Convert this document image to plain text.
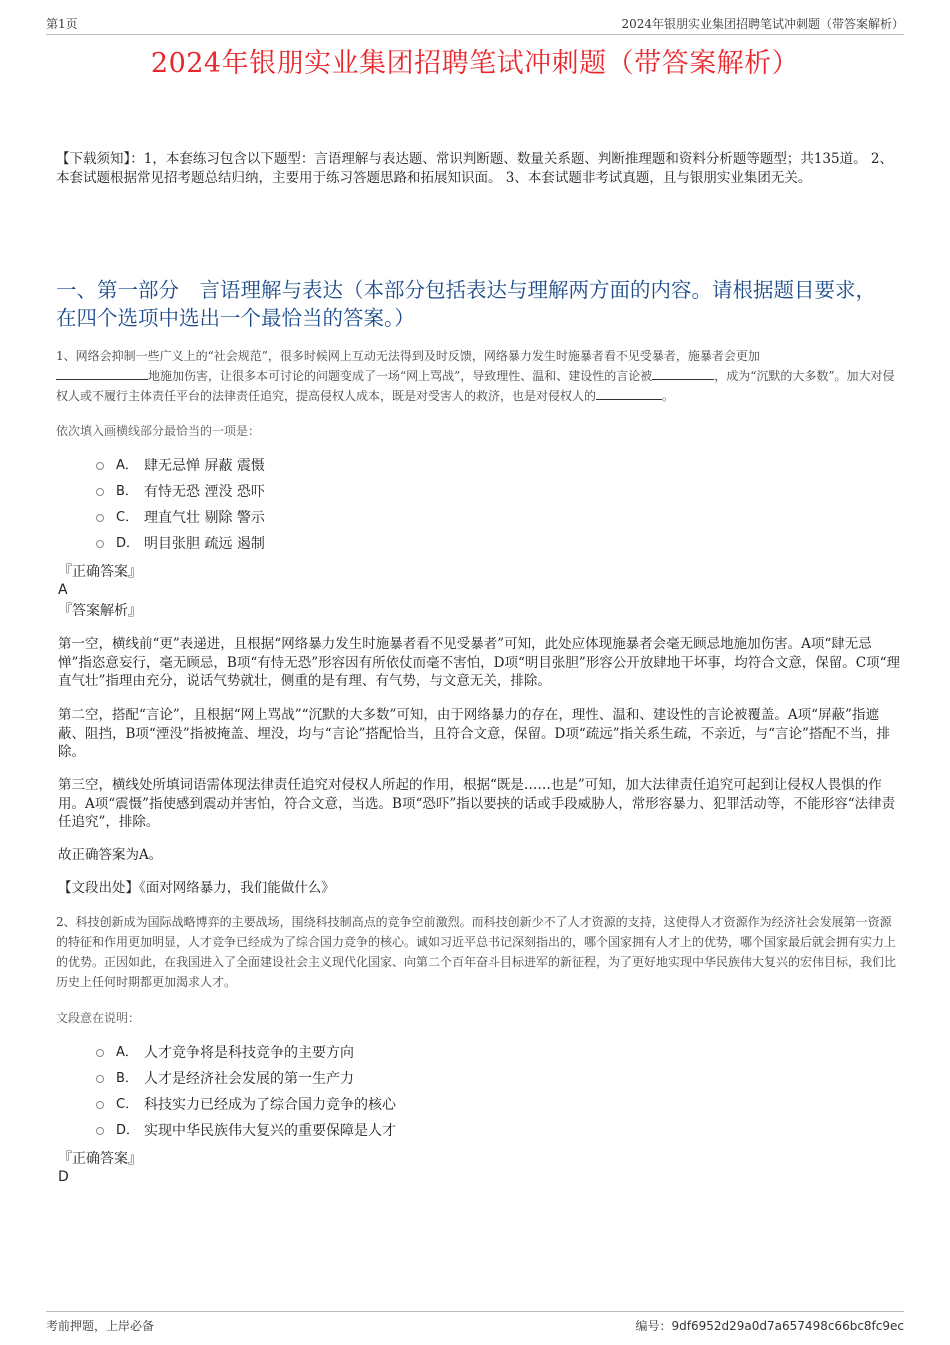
第1页	2024年银朋实业集团招聘笔试冲刺题（带答案解析）
2024年银朋实业集团招聘笔试冲刺题（带答案解析）
【下载须知】：1，本套练习包含以下题型：言语理解与表达题、常识判断题、数量关系题、判断推理题和资料分析题等题型；共135道。 2、本套试题根据常见招考题总结归纳，主要用于练习答题思路和拓展知识面。 3、本套试题非考试真题，且与银朋实业集团无关。
一、第一部分　言语理解与表达（本部分包括表达与理解两方面的内容。请根据题目要求，在四个选项中选出一个最恰当的答案。）
1、网络会抑制一些广义上的“社会规范”，很多时候网上互动无法得到及时反馈，网络暴力发生时施暴者看不见受暴者，施暴者会更加
地施加伤害，让很多本可讨论的问题变成了一场“网上骂战”，导致理性、温和、建设性的言论被	，成为“沉默的大多数”。加大对侵权人或不履行主体责任平台的法律责任追究，提高侵权人成本，既是对受害人的救济，也是对侵权人的	。
依次填入画横线部分最恰当的一项是：
A． 肆无忌惮 屏蔽 震慑
B． 有恃无恐 湮没 恐吓
C． 理直气壮 剔除 警示
D． 明目张胆 疏远 遏制
『正确答案』
A
『答案解析』

第一空，横线前“更”表递进，且根据“网络暴力发生时施暴者看不见受暴者”可知，此处应体现施暴者会毫无顾忌地施加伤害。A项“肆无忌惮”指恣意妄行，毫无顾忌，B项“有恃无恐”形容因有所依仗而毫不害怕，D项“明目张胆”形容公开放肆地干坏事，均符合文意，保留。C项“理直气壮”指理由充分，说话气势就壮，侧重的是有理、有气势，与文意无关，排除。

第二空，搭配“言论”，且根据“网上骂战”“沉默的大多数”可知，由于网络暴力的存在，理性、温和、建设性的言论被覆盖。A项“屏蔽”指遮蔽、阻挡，B项“湮没”指被掩盖、埋没，均与“言论”搭配恰当，且符合文意，保留。D项“疏远”指关系生疏，不亲近，与“言论”搭配不当，排除。

第三空，横线处所填词语需体现法律责任追究对侵权人所起的作用，根据“既是……也是”可知，加大法律责任追究可起到让侵权人畏惧的作用。A项“震慑”指使感到震动并害怕，符合文意，当选。B项“恐吓”指以要挟的话或手段威胁人，常形容暴力、犯罪活动等，不能形容“法律责任追究”，排除。

故正确答案为A。

【文段出处】《面对网络暴力，我们能做什么》

2、科技创新成为国际战略博弈的主要战场，围绕科技制高点的竞争空前激烈。而科技创新少不了人才资源的支持，这使得人才资源作为经济社会发展第一资源的特征和作用更加明显，人才竞争已经成为了综合国力竞争的核心。诚如习近平总书记深刻指出的，哪个国家拥有人才上的优势，哪个国家最后就会拥有实力上的优势。正因如此，在我国进入了全面建设社会主义现代化国家、向第二个百年奋斗目标进军的新征程，为了更好地实现中华民族伟大复兴的宏伟目标，我们比历史上任何时期都更加渴求人才。
文段意在说明：
A． 人才竞争将是科技竞争的主要方向
B． 人才是经济社会发展的第一生产力
C． 科技实力已经成为了综合国力竞争的核心
D． 实现中华民族伟大复兴的重要保障是人才
『正确答案』
D
考前押题，上岸必备	编号：9df6952d29a0d7a657498c66bc8fc9ec
